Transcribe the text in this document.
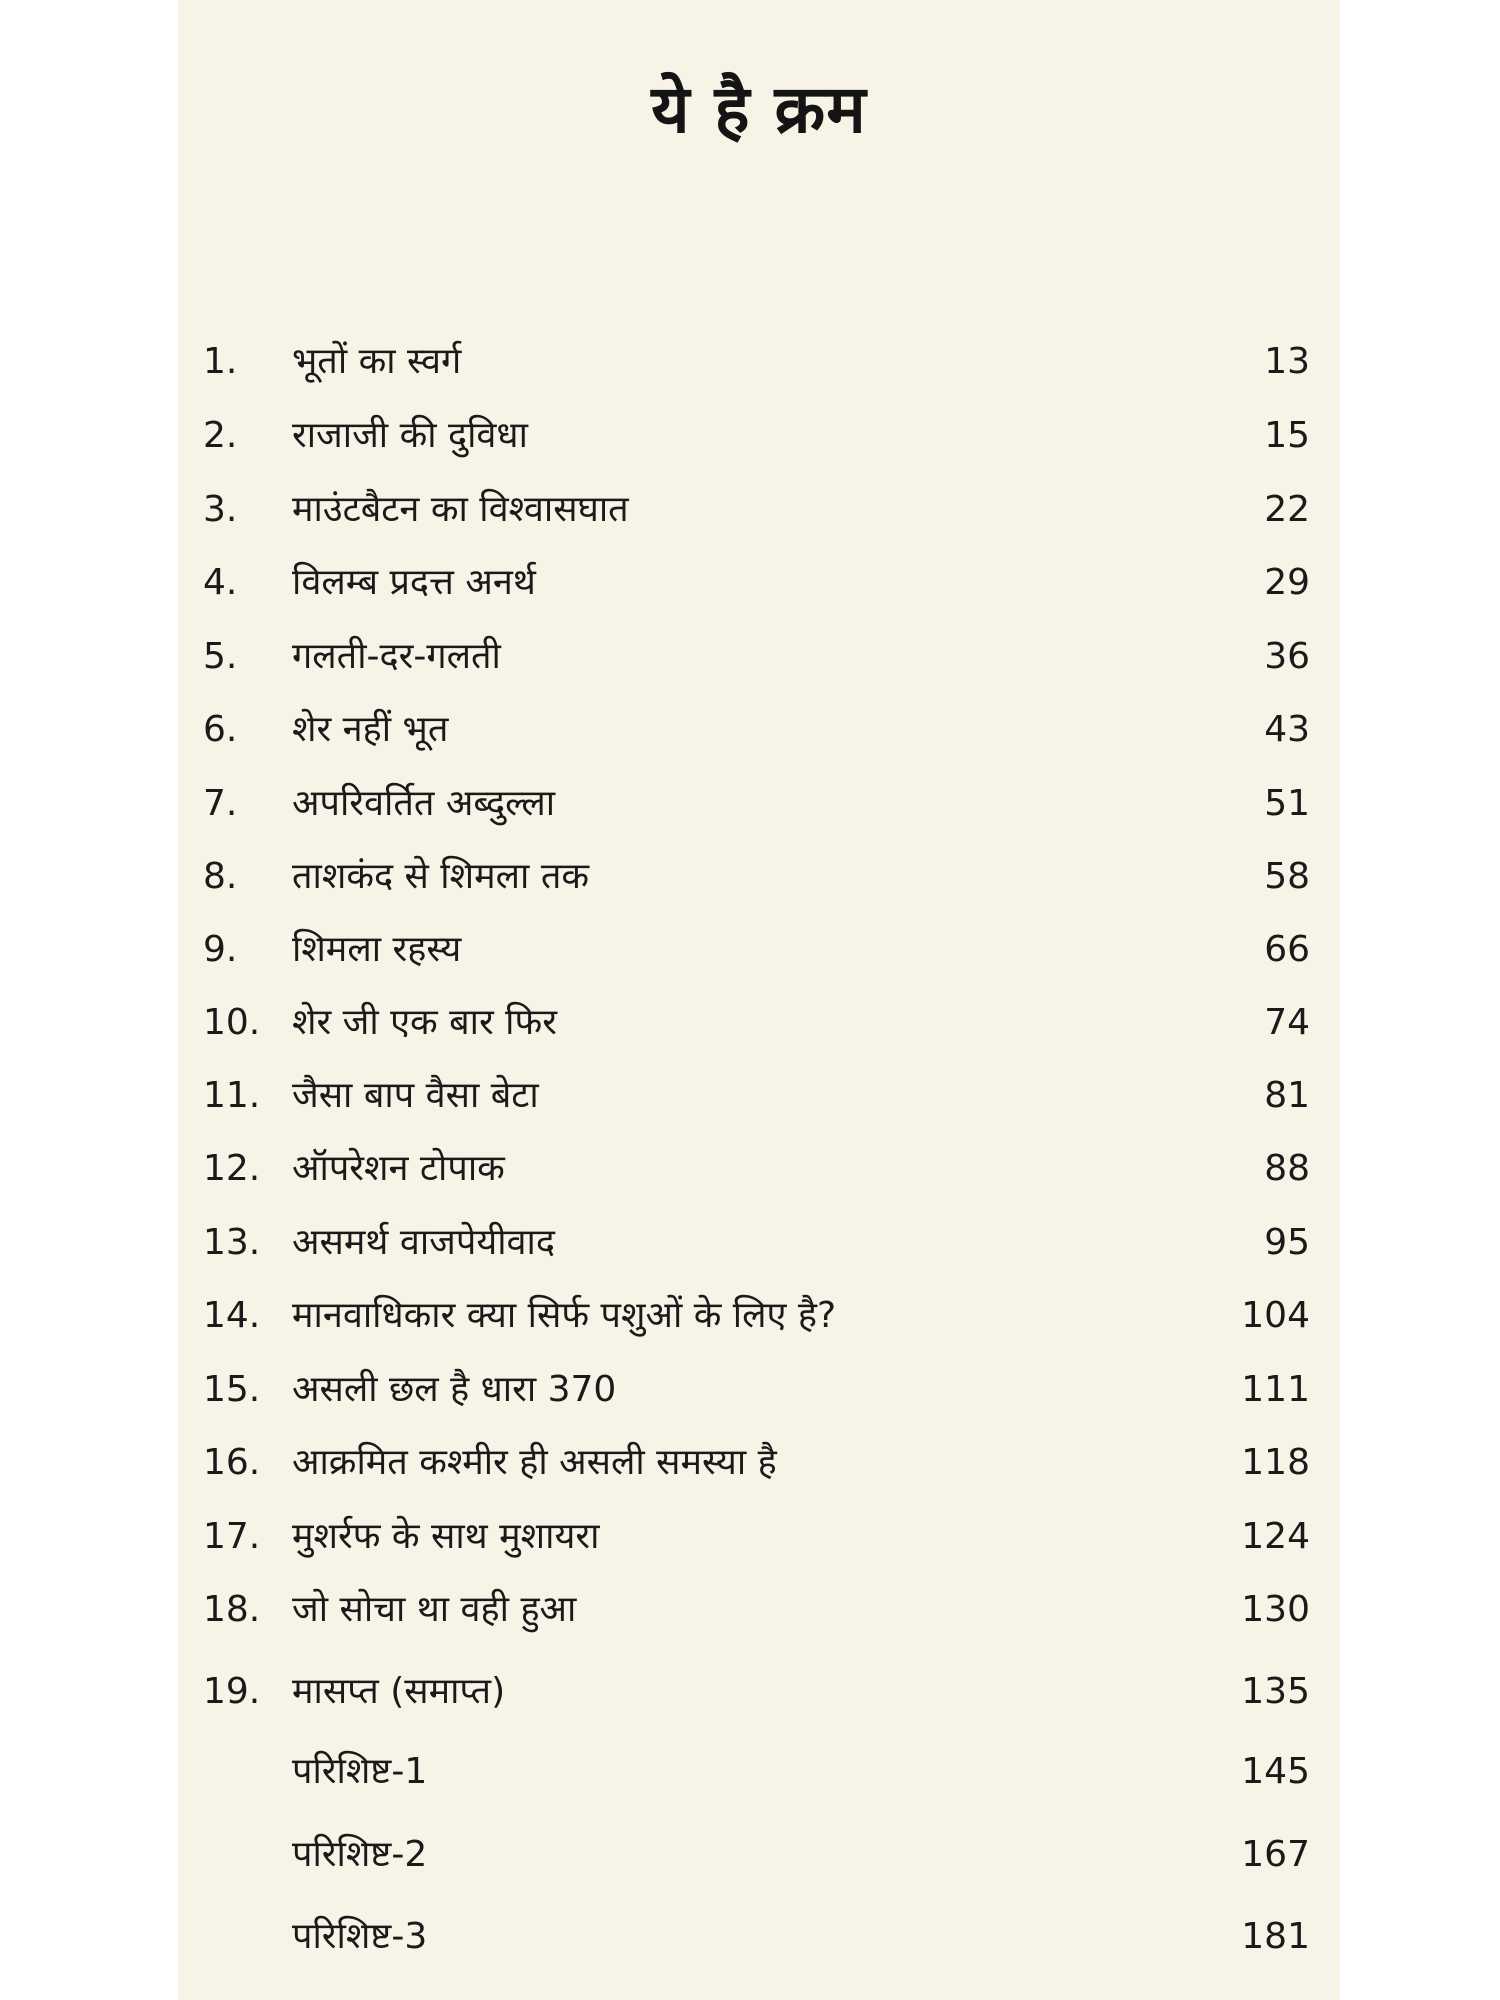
ये है क्रम
1. भूतों का स्वर्ग	13
2. राजाजी की दुविधा	15
3. माउंटबैटन का विश्वासघात	22
4. विलम्ब प्रदत्त अनर्थ	29
5. गलती-दर-गलती	36
6. शेर नहीं भूत	43
7. अपरिवर्तित अब्दुल्ला	51
8. ताशकंद से शिमला तक	58
9. शिमला रहस्य	66
10. शेर जी एक बार फिर	74
11. जैसा बाप वैसा बेटा	81
12. ऑपरेशन टोपाक	88
13. असमर्थ वाजपेयीवाद	95
14. मानवाधिकार क्या सिर्फ पशुओं के लिए है?	104
15. असली छल है धारा 370	111
16. आक्रमित कश्मीर ही असली समस्या है	118
17. मुशर्रफ के साथ मुशायरा	124
18. जो सोचा था वही हुआ	130
19. मासप्त (समाप्त)	135
परिशिष्ट-1	145
परिशिष्ट-2	167
परिशिष्ट-3	181
